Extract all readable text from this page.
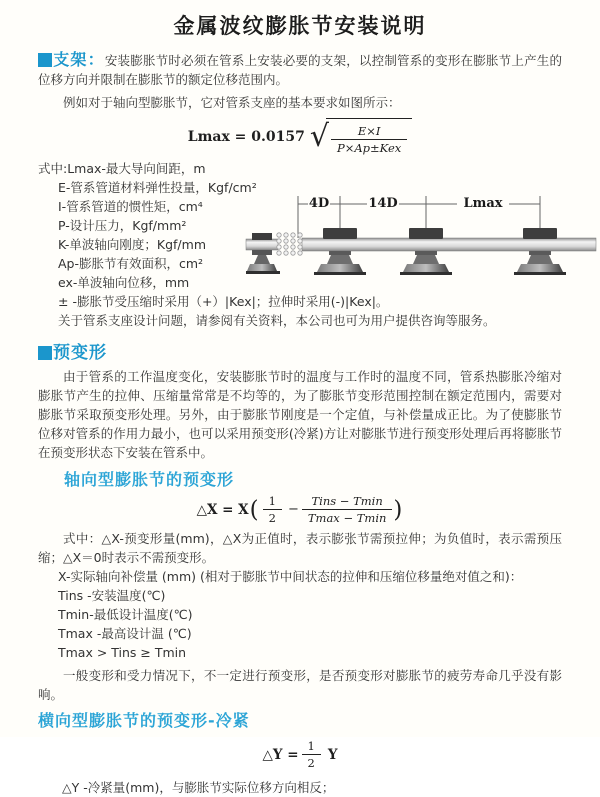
金属波纹膨胀节安装说明
支架：安装膨胀节时必须在管系上安装必要的支架，以控制管系的变形在膨胀节上产生的位移方向并限制在膨胀节的额定位移范围内。
例如对于轴向型膨胀节，它对管系支座的基本要求如图所示：
Lmax = 0.0157 √ $\frac{E\times I}{\text{P×Ap±Kex}}$
式中:Lmax-最大导向间距，m
E-管系管道材料弹性投量，Kgf/cm²
I-管系管道的惯性矩，cm⁴
P-设计压力，Kgf/mm²
K-单波轴向刚度；Kgf/mm
Ap-膨胀节有效面积，cm²
ex-单波轴向位移，mm
± -膨胀节受压缩时采用（+）|Kex|；拉伸时采用(-)|Kex|。
关于管系支座设计问题，请参阅有关资料，本公司也可为用户提供咨询等服务。
预变形
由于管系的工作温度变化，安装膨胀节时的温度与工作时的温度不同，管系热膨胀冷缩对膨胀节产生的拉伸、压缩量常常是不均等的，为了膨胀节变形范围控制在额定范围内，需要对膨胀节采取预变形处理。另外，由于膨胀节刚度是一个定值，与补偿量成正比。为了使膨胀节位移对管系的作用力最小，也可以采用预变形(冷紧)方让对膨胀节进行预变形处理后再将膨胀节在预变形状态下安装在管系中。
轴向型膨胀节的预变形
△X = X ( $\frac{1}{2} - \frac{\text{Tins − Tmin}}{Tmax - Tmin}$ )
式中：△X-预变形量(mm)，△X为正值时，表示膨张节需预拉伸；为负值时，表示需预压缩；△X＝0时表示不需预变形。
X-实际轴向补偿量 (mm) (相对于膨胀节中间状态的拉伸和压缩位移量绝对值之和)：
Tins -安装温度(℃)
Tmin-最低设计温度(℃)
Tmax -最高设计温 (℃)
Tmax > Tins ≥ Tmin
一般变形和受力情况下，不一定进行预变形，是否预变形对膨胀节的疲劳寿命几乎没有影响。
横向型膨胀节的预变形-冷紧
△Y = $\frac{1}{2}$ Y
△Y -冷紧量(mm)，与膨胀节实际位移方向相反；
4D	14D	Lmax
